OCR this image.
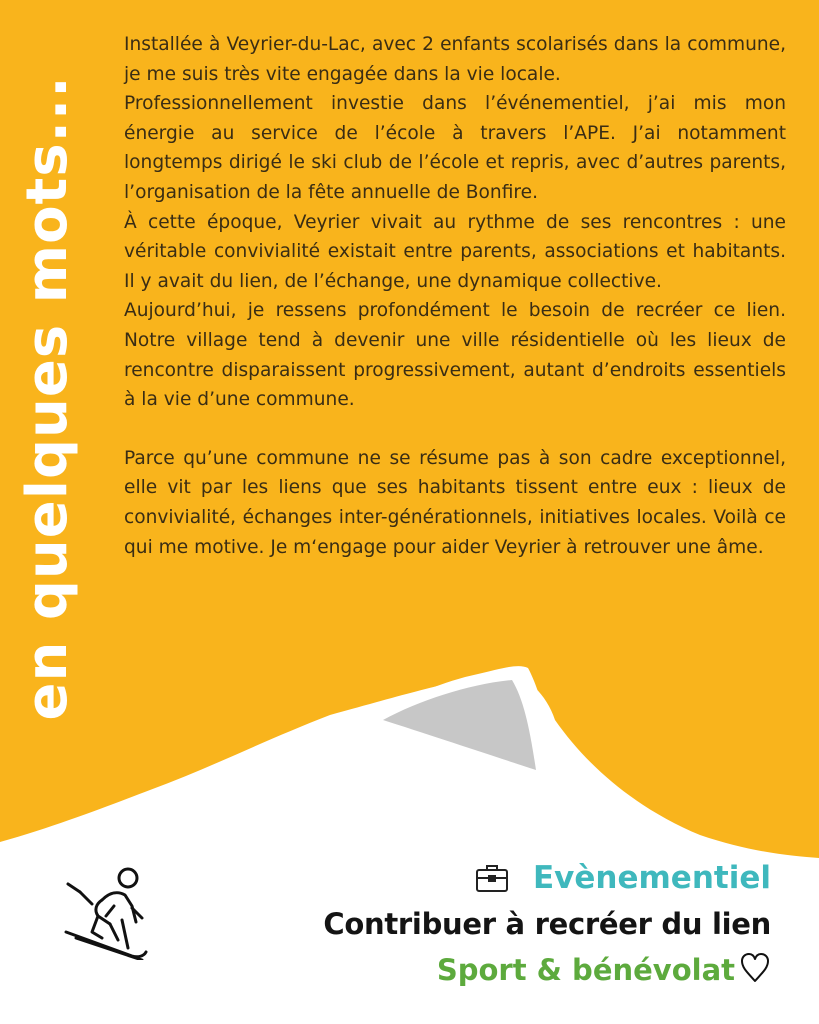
en quelques mots...

Installée à Veyrier-du-Lac, avec 2 enfants scolarisés dans la commune, je me suis très vite engagée dans la vie locale.

Professionnellement investie dans l’événementiel, j’ai mis mon énergie au service de l’école à travers l’APE. J’ai notamment longtemps dirigé le ski club de l’école et repris, avec d’autres parents, l’organisation de la fête annuelle de Bonfire.

À cette époque, Veyrier vivait au rythme de ses rencontres : une véritable convivialité existait entre parents, associations et habitants. Il y avait du lien, de l’échange, une dynamique collective.

Aujourd’hui, je ressens profondément le besoin de recréer ce lien. Notre village tend à devenir une ville résidentielle où les lieux de rencontre disparaissent progressivement, autant d’endroits essentiels à la vie d’une commune.

Parce qu’une commune ne se résume pas à son cadre exceptionnel, elle vit par les liens que ses habitants tissent entre eux : lieux de convivialité, échanges inter-générationnels, initiatives locales. Voilà ce qui me motive. Je m‘engage pour aider Veyrier à retrouver une âme.

Evènementiel
Contribuer à recréer du lien
Sport & bénévolat
